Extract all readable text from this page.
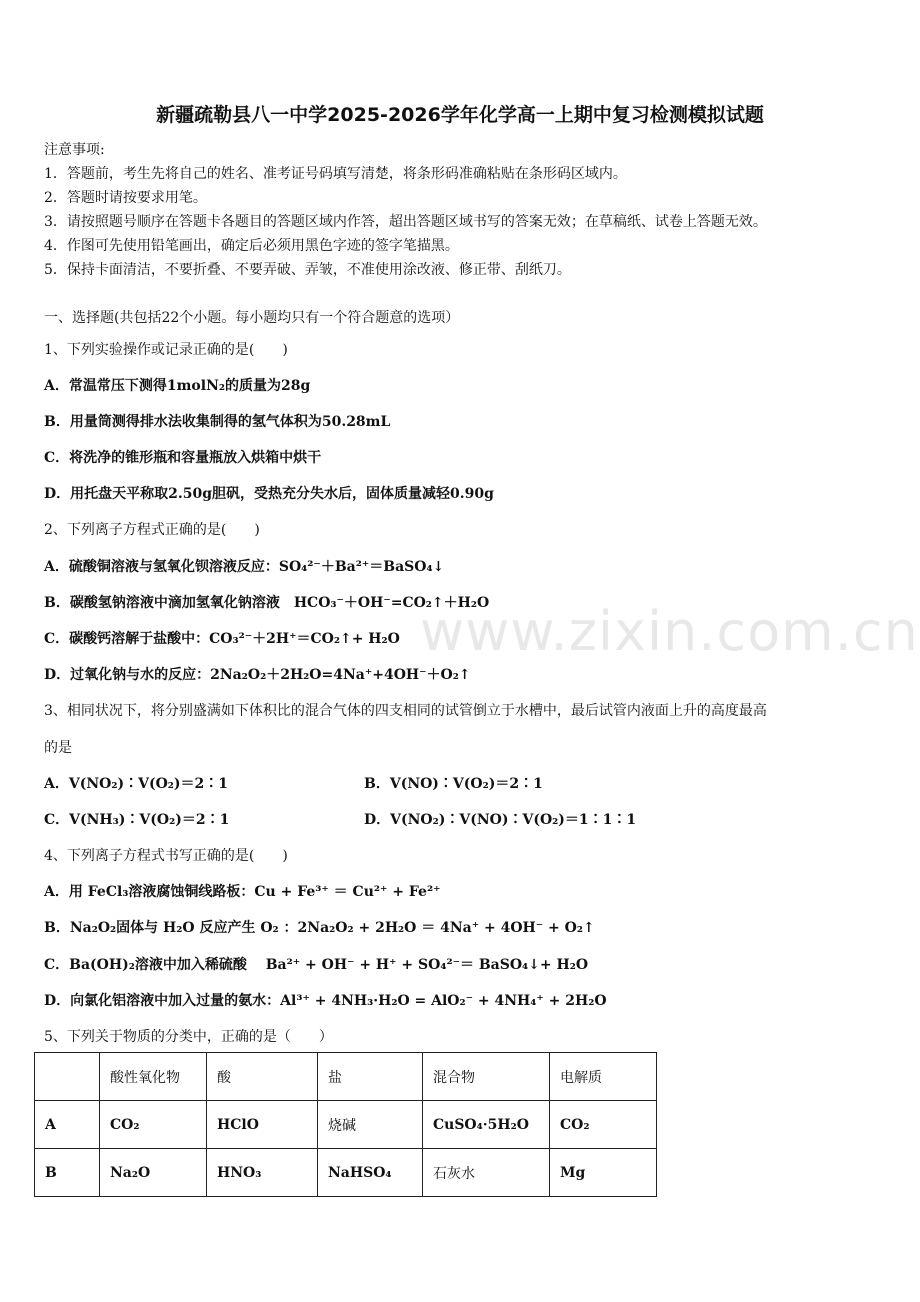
www.zixin.com.cn
新疆疏勒县八一中学2025-2026学年化学高一上期中复习检测模拟试题
注意事项:
1．答题前，考生先将自己的姓名、准考证号码填写清楚，将条形码准确粘贴在条形码区域内。
2．答题时请按要求用笔。
3．请按照题号顺序在答题卡各题目的答题区域内作答，超出答题区域书写的答案无效；在草稿纸、试卷上答题无效。
4．作图可先使用铅笔画出，确定后必须用黑色字迹的签字笔描黑。
5．保持卡面清洁，不要折叠、不要弄破、弄皱，不准使用涂改液、修正带、刮纸刀。
一、选择题(共包括22个小题。每小题均只有一个符合题意的选项）
1、下列实验操作或记录正确的是(　　)
A．常温常压下测得1molN₂的质量为28g
B．用量筒测得排水法收集制得的氢气体积为50.28mL
C．将洗净的锥形瓶和容量瓶放入烘箱中烘干
D．用托盘天平称取2.50g胆矾，受热充分失水后，固体质量减轻0.90g
2、下列离子方程式正确的是(　　)
A．硫酸铜溶液与氢氧化钡溶液反应：SO₄²⁻＋Ba²⁺＝BaSO₄↓
B．碳酸氢钠溶液中滴加氢氧化钠溶液　HCO₃⁻＋OH⁻=CO₂↑＋H₂O
C．碳酸钙溶解于盐酸中：CO₃²⁻＋2H⁺＝CO₂↑+ H₂O
D．过氧化钠与水的反应：2Na₂O₂＋2H₂O=4Na⁺+4OH⁻＋O₂↑
3、相同状况下，将分别盛满如下体积比的混合气体的四支相同的试管倒立于水槽中，最后试管内液面上升的高度最高
的是
A．V(NO₂)∶V(O₂)＝2∶1	B．V(NO)∶V(O₂)＝2∶1
C．V(NH₃)∶V(O₂)＝2∶1	D．V(NO₂)∶V(NO)∶V(O₂)＝1∶1∶1
4、下列离子方程式书写正确的是(　　)
A．用 FeCl₃溶液腐蚀铜线路板：Cu + Fe³⁺ ＝ Cu²⁺ + Fe²⁺
B．Na₂O₂固体与 H₂O 反应产生 O₂ ：2Na₂O₂ + 2H₂O ＝ 4Na⁺ + 4OH⁻ + O₂↑
C．Ba(OH)₂溶液中加入稀硫酸　 Ba²⁺ + OH⁻ + H⁺ + SO₄²⁻＝ BaSO₄↓+ H₂O
D．向氯化铝溶液中加入过量的氨水：Al³⁺ + 4NH₃·H₂O = AlO₂⁻ + 4NH₄⁺ + 2H₂O
5、下列关于物质的分类中，正确的是（　　）
	酸性氧化物	酸	盐	混合物	电解质
A	CO₂	HClO	烧碱	CuSO₄·5H₂O	CO₂
B	Na₂O	HNO₃	NaHSO₄	石灰水	Mg
